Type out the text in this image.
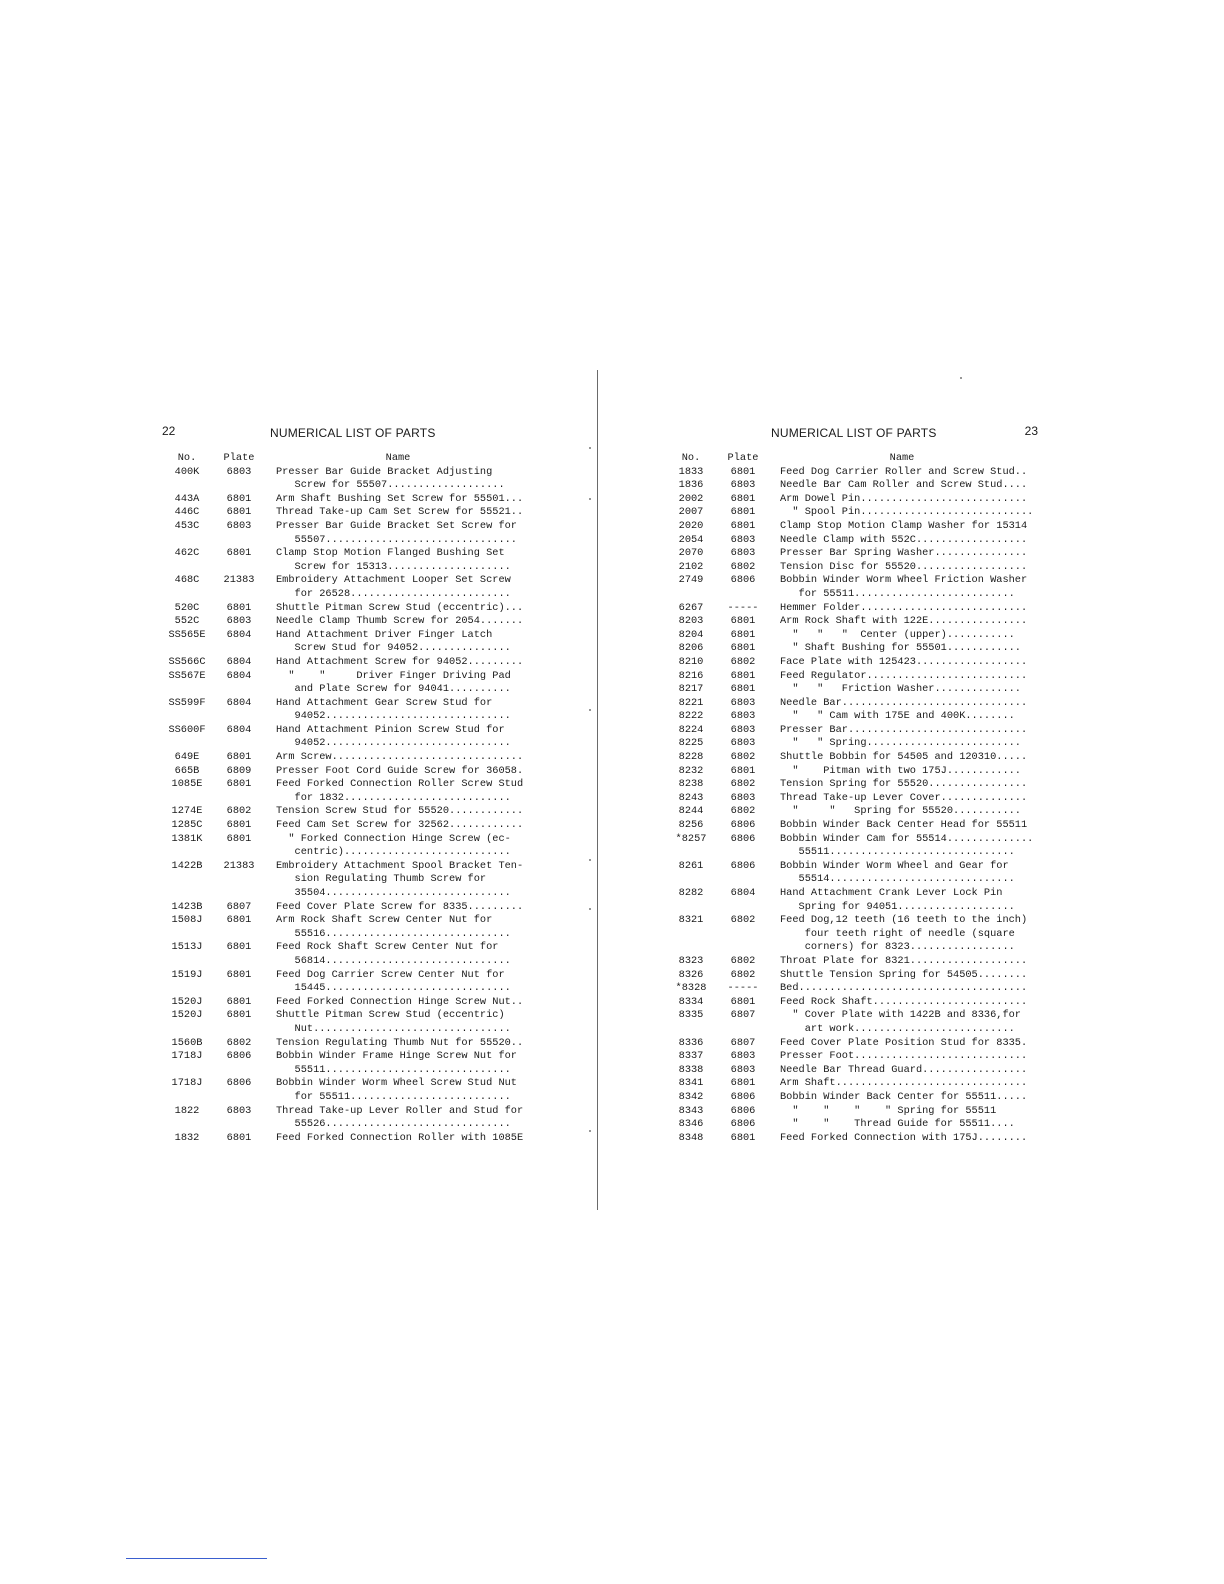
22	NUMERICAL LIST OF PARTS
No.	Plate	Name
400K	6803	Presser Bar Guide Bracket Adjusting
Screw for 55507...................
443A	6801	Arm Shaft Bushing Set Screw for 55501...
446C	6801	Thread Take-up Cam Set Screw for 55521..
453C	6803	Presser Bar Guide Bracket Set Screw for
55507...............................
462C	6801	Clamp Stop Motion Flanged Bushing Set
Screw for 15313....................
468C	21383	Embroidery Attachment Looper Set Screw
for 26528..........................
520C	6801	Shuttle Pitman Screw Stud (eccentric)...
552C	6803	Needle Clamp Thumb Screw for 2054.......
SS565E	6804	Hand Attachment Driver Finger Latch
Screw Stud for 94052...............
SS566C	6804	Hand Attachment Screw for 94052.........
SS567E	6804	"    "     Driver Finger Driving Pad
and Plate Screw for 94041..........
SS599F	6804	Hand Attachment Gear Screw Stud for
94052..............................
SS600F	6804	Hand Attachment Pinion Screw Stud for
94052..............................
649E	6801	Arm Screw...............................
665B	6809	Presser Foot Cord Guide Screw for 36058.
1085E	6801	Feed Forked Connection Roller Screw Stud
for 1832...........................
1274E	6802	Tension Screw Stud for 55520............
1285C	6801	Feed Cam Set Screw for 32562............
1381K	6801	" Forked Connection Hinge Screw (ec-
centric)...........................
1422B	21383	Embroidery Attachment Spool Bracket Ten-
sion Regulating Thumb Screw for
35504..............................
1423B	6807	Feed Cover Plate Screw for 8335.........
1508J	6801	Arm Rock Shaft Screw Center Nut for
55516..............................
1513J	6801	Feed Rock Shaft Screw Center Nut for
56814..............................
1519J	6801	Feed Dog Carrier Screw Center Nut for
15445..............................
1520J	6801	Feed Forked Connection Hinge Screw Nut..
1520J	6801	Shuttle Pitman Screw Stud (eccentric)
Nut................................
1560B	6802	Tension Regulating Thumb Nut for 55520..
1718J	6806	Bobbin Winder Frame Hinge Screw Nut for
55511..............................
1718J	6806	Bobbin Winder Worm Wheel Screw Stud Nut
for 55511..........................
1822	6803	Thread Take-up Lever Roller and Stud for
55526..............................
1832	6801	Feed Forked Connection Roller with 1085E
NUMERICAL LIST OF PARTS	23
No.	Plate	Name
1833	6801	Feed Dog Carrier Roller and Screw Stud..
1836	6803	Needle Bar Cam Roller and Screw Stud....
2002	6801	Arm Dowel Pin...........................
2007	6801	" Spool Pin............................
2020	6801	Clamp Stop Motion Clamp Washer for 15314
2054	6803	Needle Clamp with 552C..................
2070	6803	Presser Bar Spring Washer...............
2102	6802	Tension Disc for 55520..................
2749	6806	Bobbin Winder Worm Wheel Friction Washer
for 55511..........................
6267	-----	Hemmer Folder...........................
8203	6801	Arm Rock Shaft with 122E................
8204	6801	"   "   "  Center (upper)...........
8206	6801	" Shaft Bushing for 55501............
8210	6802	Face Plate with 125423..................
8216	6801	Feed Regulator..........................
8217	6801	"   "   Friction Washer..............
8221	6803	Needle Bar..............................
8222	6803	"   " Cam with 175E and 400K........
8224	6803	Presser Bar.............................
8225	6803	"   " Spring.........................
8228	6802	Shuttle Bobbin for 54505 and 120310.....
8232	6801	"    Pitman with two 175J............
8238	6802	Tension Spring for 55520................
8243	6803	Thread Take-up Lever Cover..............
8244	6802	"     "   Spring for 55520...........
8256	6806	Bobbin Winder Back Center Head for 55511
*8257	6806	Bobbin Winder Cam for 55514..............
55511..............................
8261	6806	Bobbin Winder Worm Wheel and Gear for
55514..............................
8282	6804	Hand Attachment Crank Lever Lock Pin
Spring for 94051...................
8321	6802	Feed Dog,12 teeth (16 teeth to the inch)
four teeth right of needle (square
corners) for 8323.................
8323	6802	Throat Plate for 8321...................
8326	6802	Shuttle Tension Spring for 54505........
*8328	-----	Bed.....................................
8334	6801	Feed Rock Shaft.........................
8335	6807	" Cover Plate with 1422B and 8336,for
art work..........................
8336	6807	Feed Cover Plate Position Stud for 8335.
8337	6803	Presser Foot............................
8338	6803	Needle Bar Thread Guard.................
8341	6801	Arm Shaft...............................
8342	6806	Bobbin Winder Back Center for 55511.....
8343	6806	"    "    "    " Spring for 55511
8346	6806	"    "    Thread Guide for 55511....
8348	6801	Feed Forked Connection with 175J........
